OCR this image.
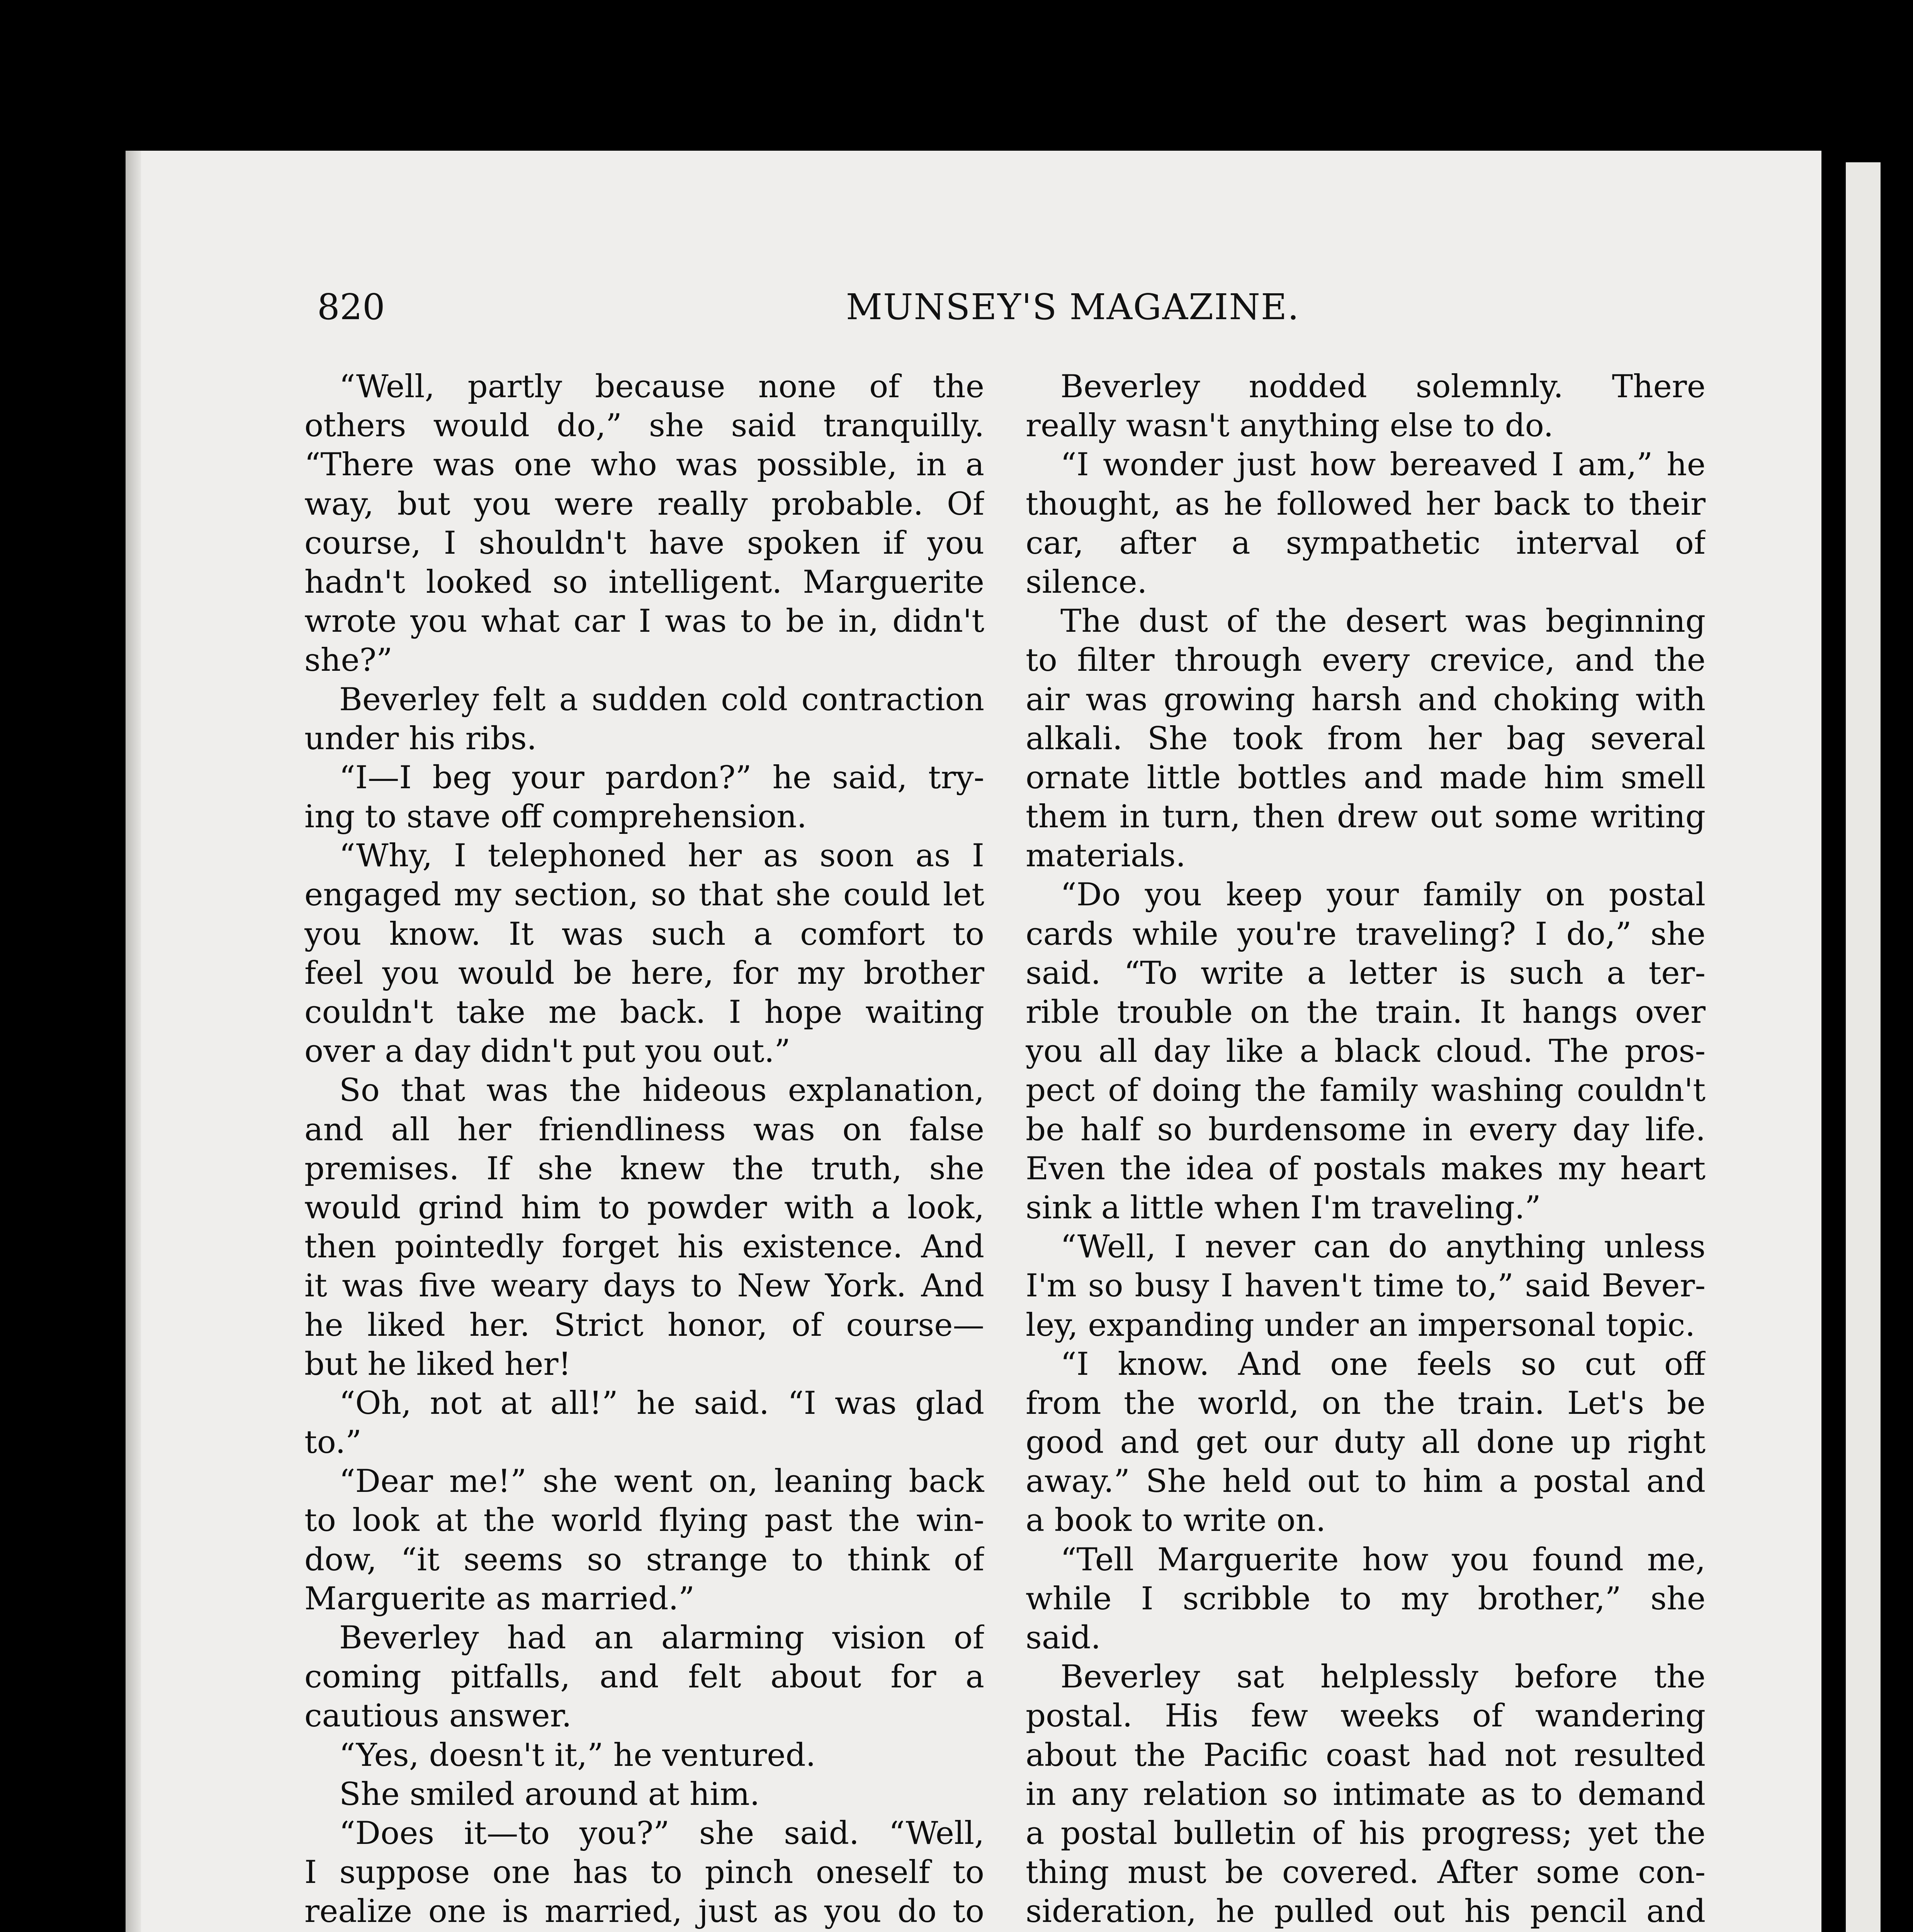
820	MUNSEY'S MAGAZINE.
“Well, partly because none of the
others would do,” she said tranquilly.
“There was one who was possible, in a
way, but you were really probable. Of
course, I shouldn't have spoken if you
hadn't looked so intelligent. Marguerite
wrote you what car I was to be in, didn't
she?”
Beverley felt a sudden cold contraction
under his ribs.
“I—I beg your pardon?” he said, try-
ing to stave off comprehension.
“Why, I telephoned her as soon as I
engaged my section, so that she could let
you know. It was such a comfort to
feel you would be here, for my brother
couldn't take me back. I hope waiting
over a day didn't put you out.”
So that was the hideous explanation,
and all her friendliness was on false
premises. If she knew the truth, she
would grind him to powder with a look,
then pointedly forget his existence. And
it was five weary days to New York. And
he liked her. Strict honor, of course—
but he liked her!
“Oh, not at all!” he said. “I was glad
to.”
“Dear me!” she went on, leaning back
to look at the world flying past the win-
dow, “it seems so strange to think of
Marguerite as married.”
Beverley had an alarming vision of
coming pitfalls, and felt about for a
cautious answer.
“Yes, doesn't it,” he ventured.
She smiled around at him.
“Does it—to you?” she said. “Well,
I suppose one has to pinch oneself to
realize one is married, just as you do to
Beverley nodded solemnly. There
really wasn't anything else to do.
“I wonder just how bereaved I am,” he
thought, as he followed her back to their
car, after a sympathetic interval of
silence.
The dust of the desert was beginning
to filter through every crevice, and the
air was growing harsh and choking with
alkali. She took from her bag several
ornate little bottles and made him smell
them in turn, then drew out some writing
materials.
“Do you keep your family on postal
cards while you're traveling? I do,” she
said. “To write a letter is such a ter-
rible trouble on the train. It hangs over
you all day like a black cloud. The pros-
pect of doing the family washing couldn't
be half so burdensome in every day life.
Even the idea of postals makes my heart
sink a little when I'm traveling.”
“Well, I never can do anything unless
I'm so busy I haven't time to,” said Bever-
ley, expanding under an impersonal topic.
“I know. And one feels so cut off
from the world, on the train. Let's be
good and get our duty all done up right
away.” She held out to him a postal and
a book to write on.
“Tell Marguerite how you found me,
while I scribble to my brother,” she
said.
Beverley sat helplessly before the
postal. His few weeks of wandering
about the Pacific coast had not resulted
in any relation so intimate as to demand
a postal bulletin of his progress; yet the
thing must be covered. After some con-
sideration, he pulled out his pencil and
